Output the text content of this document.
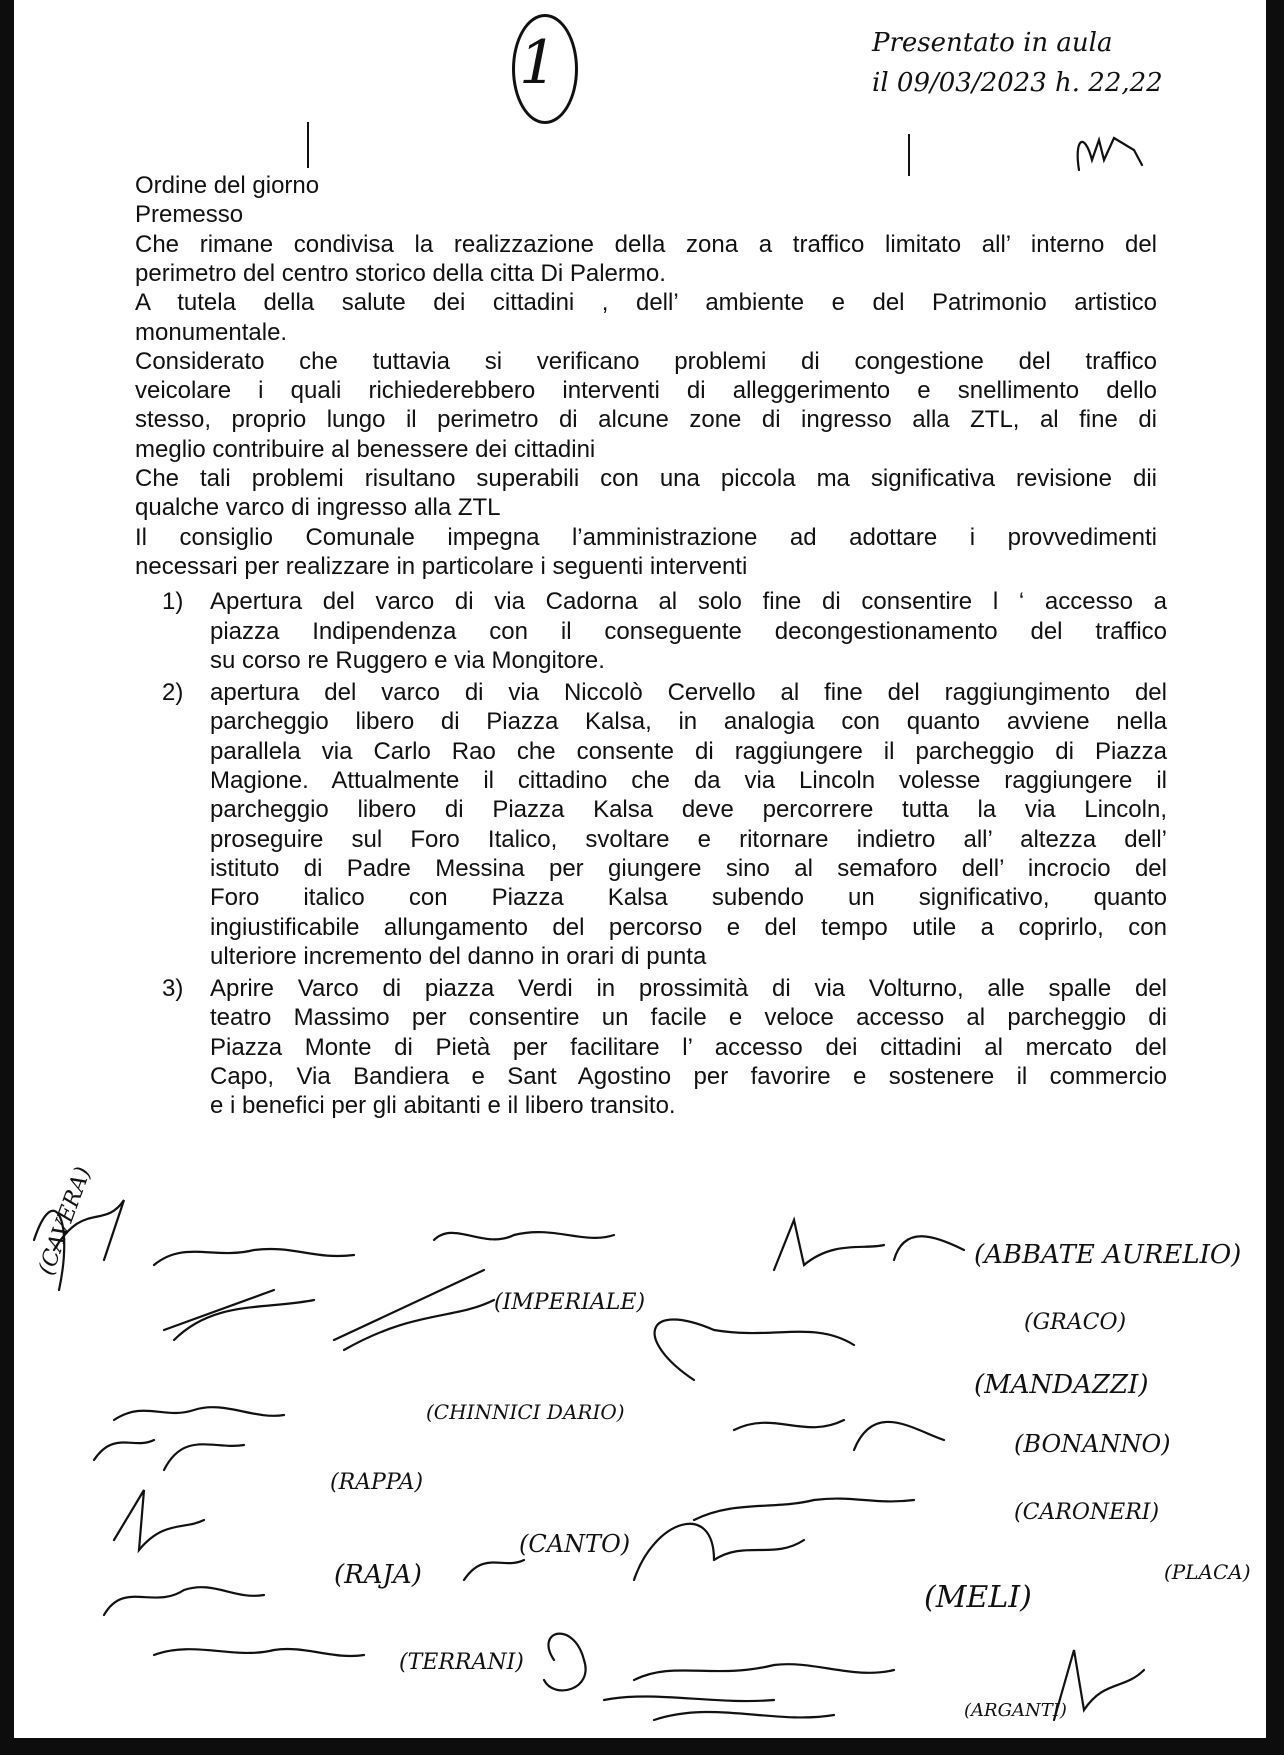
1	Presentato in aula
il 09/03/2023 h. 22,22
Ordine del giorno
Premesso
Che rimane condivisa la realizzazione della zona a traffico limitato all’ interno del
perimetro del centro storico della citta Di Palermo.
A tutela della salute dei cittadini , dell’ ambiente e del Patrimonio artistico
monumentale.
Considerato che tuttavia si verificano problemi di congestione del traffico
veicolare i quali richiederebbero interventi di alleggerimento e snellimento dello
stesso, proprio lungo il perimetro di alcune zone di ingresso alla ZTL, al fine di
meglio contribuire al benessere dei cittadini
Che tali problemi risultano superabili con una piccola ma significativa revisione dii
qualche varco di ingresso alla ZTL
Il consiglio Comunale impegna l’amministrazione ad adottare i provvedimenti
necessari per realizzare in particolare i seguenti interventi
1) Apertura del varco di via Cadorna al solo fine di consentire l ‘ accesso a
piazza Indipendenza con il conseguente decongestionamento del traffico
su corso re Ruggero e via Mongitore.
2) apertura del varco di via Niccolò Cervello al fine del raggiungimento del
parcheggio libero di Piazza Kalsa, in analogia con quanto avviene nella
parallela via Carlo Rao che consente di raggiungere il parcheggio di Piazza
Magione. Attualmente il cittadino che da via Lincoln volesse raggiungere il
parcheggio libero di Piazza Kalsa deve percorrere tutta la via Lincoln,
proseguire sul Foro Italico, svoltare e ritornare indietro all’ altezza dell’
istituto di Padre Messina per giungere sino al semaforo dell’ incrocio del
Foro italico con Piazza Kalsa subendo un significativo, quanto
ingiustificabile allungamento del percorso e del tempo utile a coprirlo, con
ulteriore incremento del danno in orari di punta
3) Aprire Varco di piazza Verdi in prossimità di via Volturno, alle spalle del
teatro Massimo per consentire un facile e veloce accesso al parcheggio di
Piazza Monte di Pietà per facilitare l’ accesso dei cittadini al mercato del
Capo, Via Bandiera e Sant Agostino per favorire e sostenere il commercio
e i benefici per gli abitanti e il libero transito.
(CAVERA)
(IMPERIALE)
(ABBATE AURELIO)
(GRACO)
(MANDAZZI)
(CHINNICI DARIO)
(BONANNO)
(RAPPA)
(CARONERI)
(CANTO)
(PLACA)
(RAJA)
(MELI)
(TERRANI)
(ARGANTI)
